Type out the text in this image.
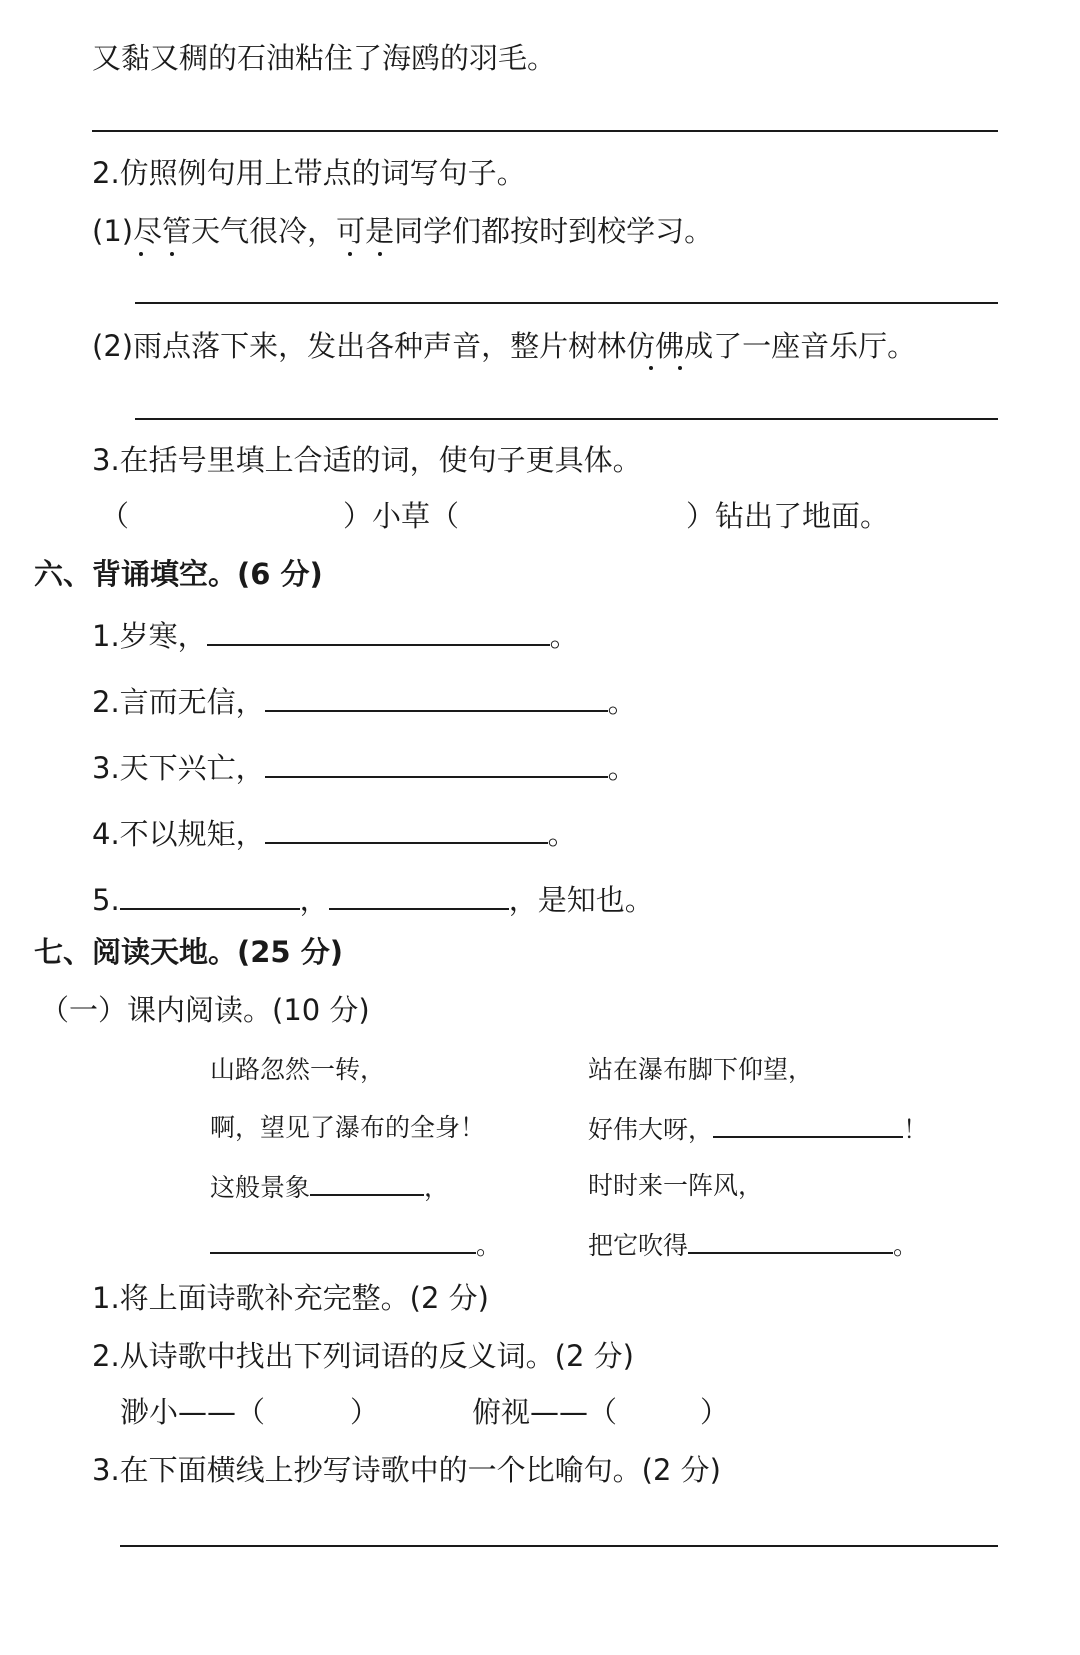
又黏又稠的石油粘住了海鸥的羽毛。
2.仿照例句用上带点的词写句子。
(1)尽管天气很冷，可是同学们都按时到校学习。
(2)雨点落下来，发出各种声音，整片树林仿佛成了一座音乐厅。
3.在括号里填上合适的词，使句子更具体。
（	）小草（	）钻出了地面。
六、背诵填空。(6 分)
1.岁寒，	。
2.言而无信，	。
3.天下兴亡，	。
4.不以规矩，	。
5.	，	，是知也。
七、阅读天地。(25 分)
（一）课内阅读。(10 分)
山路忽然一转，
啊，望见了瀑布的全身！
这般景象	，
。
站在瀑布脚下仰望，
好伟大呀，	！
时时来一阵风，
把它吹得	。
1.将上面诗歌补充完整。(2 分)
2.从诗歌中找出下列词语的反义词。(2 分)
渺小——（	）	俯视——（	）
3.在下面横线上抄写诗歌中的一个比喻句。(2 分)
